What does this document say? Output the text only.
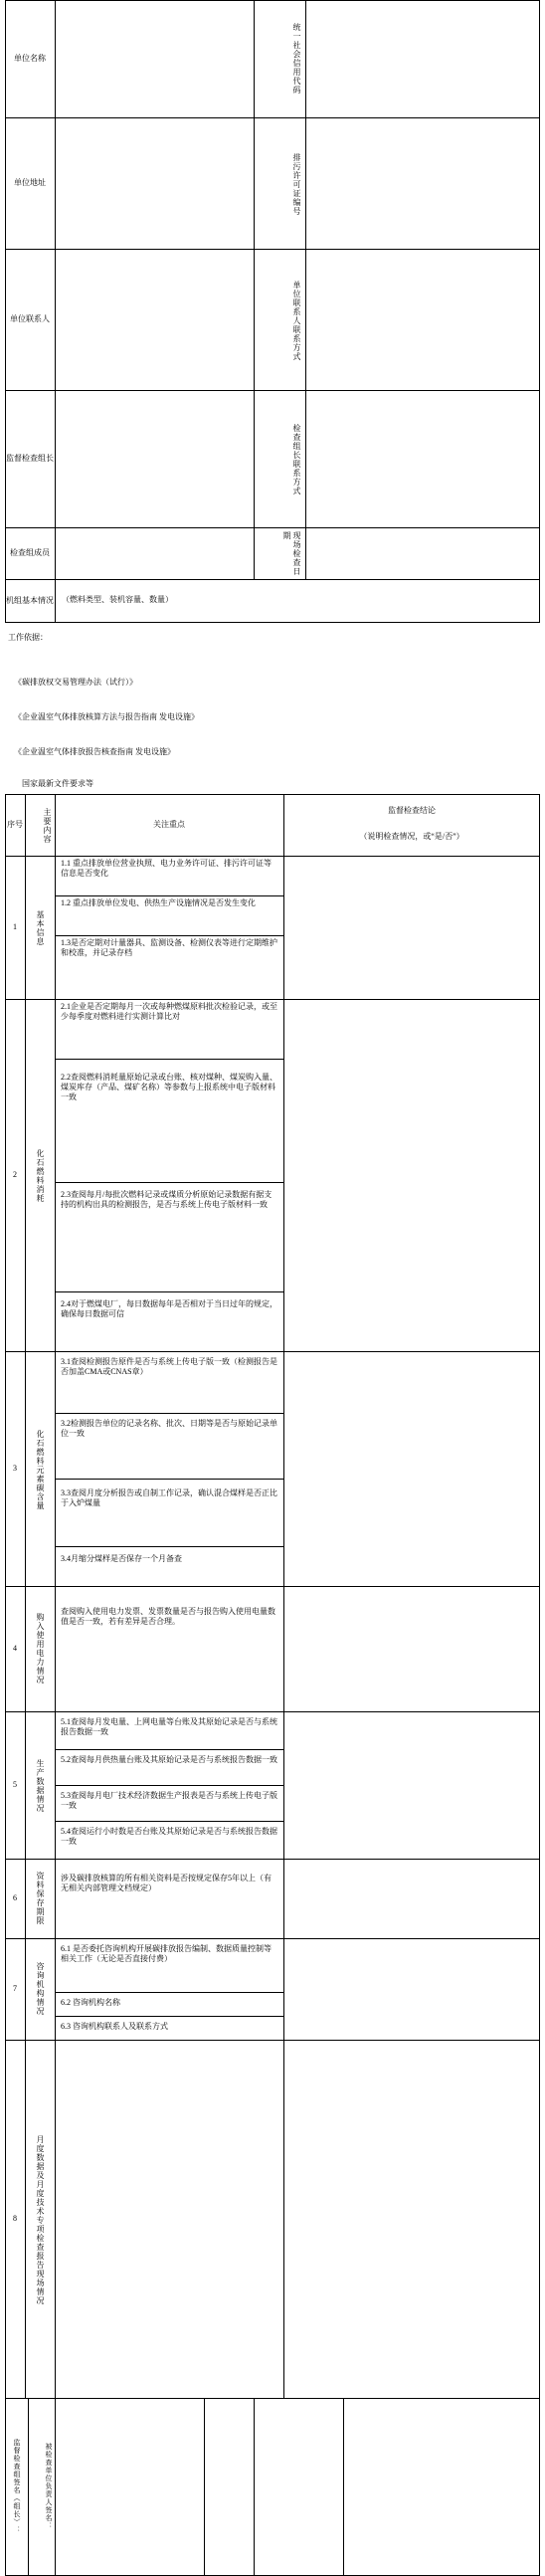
单位名称	统一社会信用代码
单位地址	排污许可证编号
单位联系人	单位联系人联系方式
监督检查组长	检查组长联系方式
检查组成员	现场检查日期
机组基本情况 （燃料类型、装机容量、数量）
工作依据：
《碳排放权交易管理办法（试行）》
《企业温室气体排放核算方法与报告指南 发电设施》
《企业温室气体排放报告核查指南 发电设施》
国家最新文件要求等
序号	主要内容	关注重点
监督检查结论
（说明检查情况，或“是/否”）
1	基本信息
1.1 重点排放单位营业执照、电力业务许可证、排污许可证等信息是否变化
1.2 重点排放单位发电、供热生产设施情况是否发生变化
1.3是否定期对计量器具、监测设备、检测仪表等进行定期维护和校准，并记录存档
2	化石燃料消耗
2.1企业是否定期每月一次或每种燃煤原料批次检验记录，或至少每季度对燃料进行实测计算比对
2.2查阅燃料消耗量原始记录或台账、核对煤种、煤炭购入量、煤炭库存（产品、煤矿名称）等参数与上报系统中电子版材料一致
2.3查阅每月/每批次燃料记录或煤质分析原始记录数据有据支持的机构出具的检测报告，是否与系统上传电子版材料一致
2.4对于燃煤电厂，每日数据每年是否相对于当日过年的规定，确保每日数据可信
3	化石燃料元素碳含量
3.1查阅检测报告原件是否与系统上传电子版一致（检测报告是否加盖CMA或CNAS章）
3.2检测报告单位的记录名称、批次、日期等是否与原始记录单位一致
3.3查阅月度分析报告或自制工作记录，确认混合煤样是否正比于入炉煤量
3.4月缩分煤样是否保存一个月备查
4	购入使用电力情况
查阅购入使用电力发票、发票数量是否与报告购入使用电量数值是否一致，若有差异是否合理。
5	生产数据情况
5.1查阅每月发电量、上网电量等台账及其原始记录是否与系统报告数据一致
5.2查阅每月供热量台账及其原始记录是否与系统报告数据一致
5.3查阅每月电厂技术经济数据生产报表是否与系统上传电子版一致
5.4查阅运行小时数是否台账及其原始记录是否与系统报告数据一致
6	资料保存期限	涉及碳排放核算的所有相关资料是否按规定保存5年以上（有无相关内部管理文档规定）
7	咨询机构情况
6.1 是否委托咨询机构开展碳排放报告编制、数据质量控制等相关工作（无论是否直接付费）
6.2 咨询机构名称
6.3 咨询机构联系人及联系方式
8	月度数据及月度技术专项检查报告现场情况
监督检查组签名（组长）：	被检查单位负责人签名：
